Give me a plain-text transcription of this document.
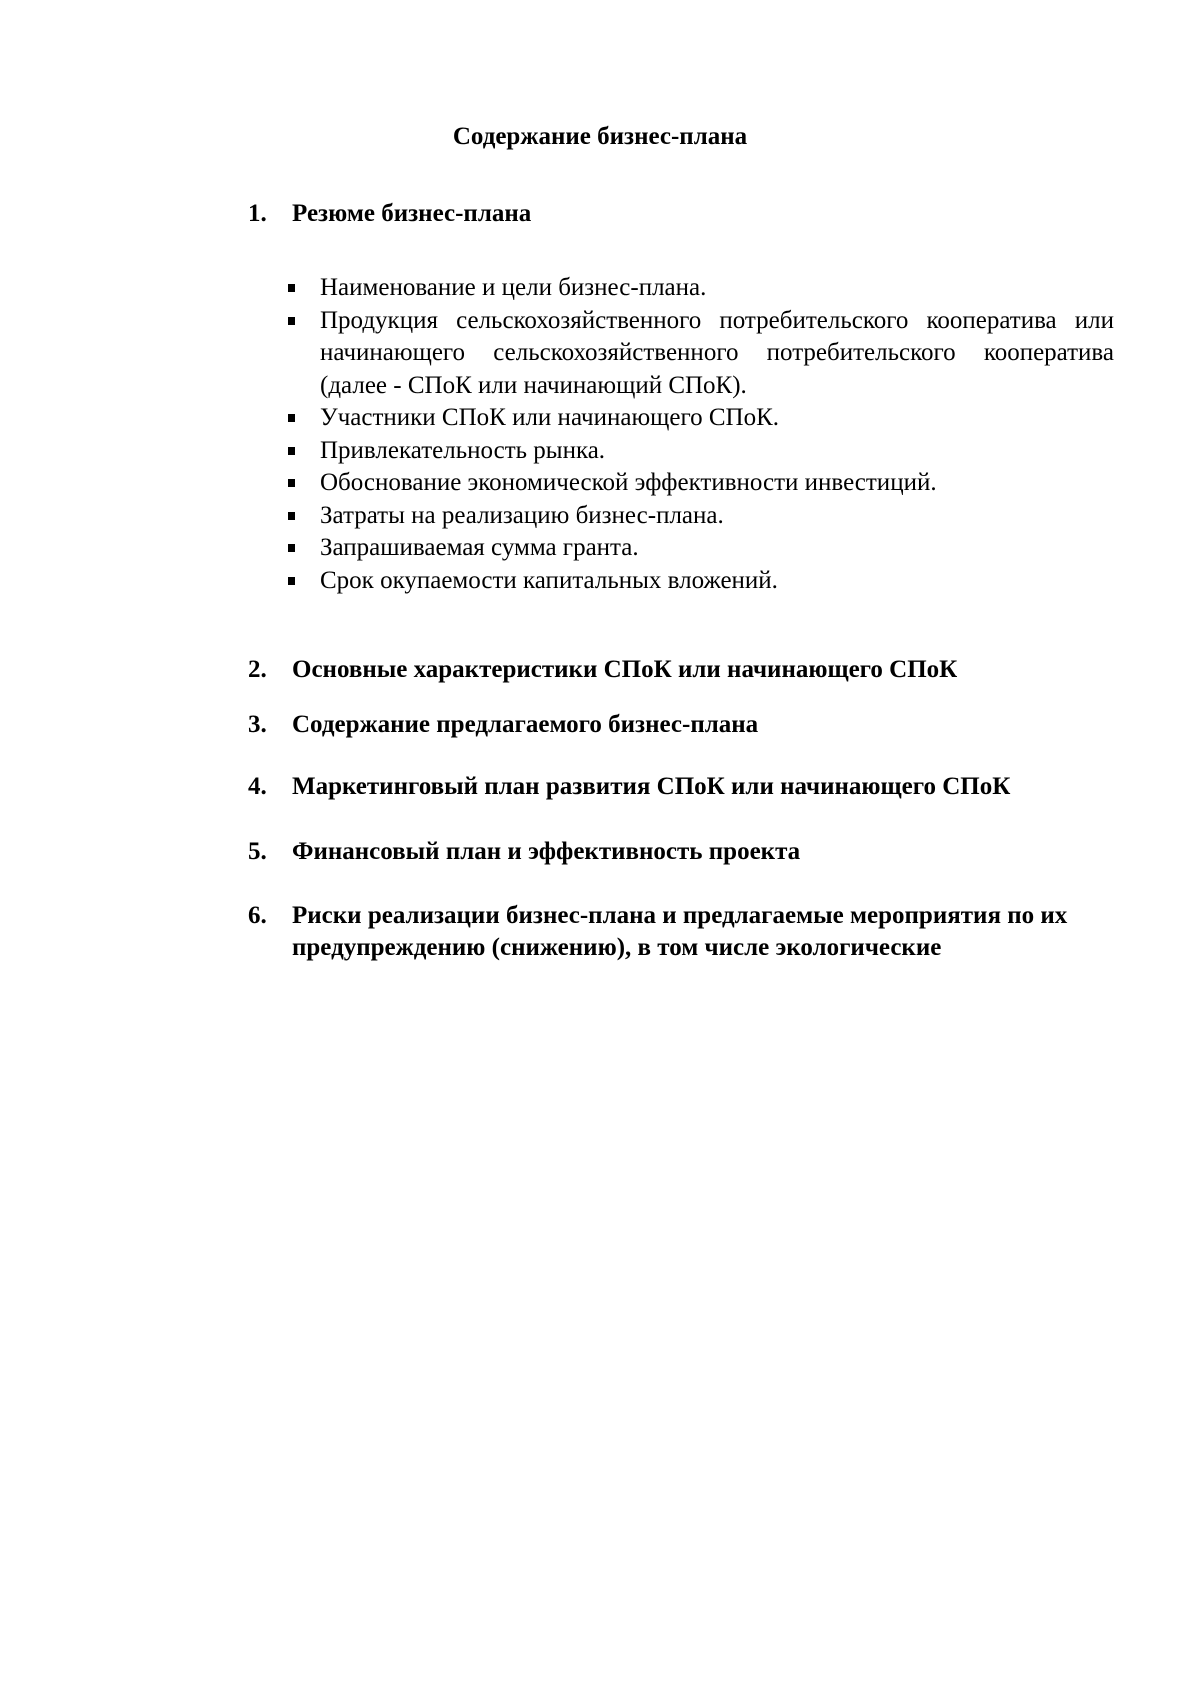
Содержание бизнес-плана
1.	Резюме бизнес-плана
Наименование и цели бизнес-плана.
Продукция сельскохозяйственного потребительского кооператива или начинающего сельскохозяйственного потребительского кооператива (далее - СПоК или начинающий СПоК).
Участники СПоК или начинающего СПоК.
Привлекательность рынка.
Обоснование экономической эффективности инвестиций.
Затраты на реализацию бизнес-плана.
Запрашиваемая сумма гранта.
Срок окупаемости капитальных вложений.
2.	Основные характеристики СПоК или начинающего СПоК
3.	Содержание предлагаемого бизнес-плана
4.	Маркетинговый план развития СПоК или начинающего СПоК
5.	Финансовый план и эффективность проекта
6.	Риски реализации бизнес-плана и предлагаемые мероприятия по их предупреждению (снижению), в том числе экологические
